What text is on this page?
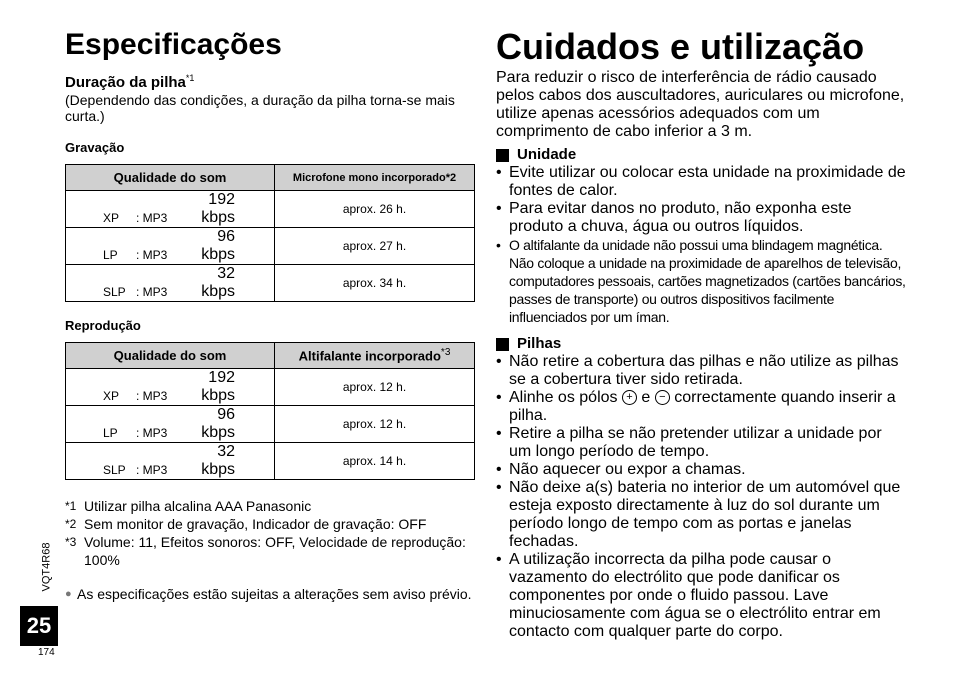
Especificações
Duração da pilha$^{*1}$
(Dependendo das condições, a duração da pilha torna-se mais curta.)
Gravação
Qualidade do som	Microfone mono incorporado*2
XP : MP3192 kbps	aprox. 26 h.
LP : MP396 kbps	aprox. 27 h.
SLP : MP332 kbps	aprox. 34 h.
Reprodução
Qualidade do som	Altifalante incorporado$^{*3}$
XP : MP3192 kbps	aprox. 12 h.
LP : MP396 kbps	aprox. 12 h.
SLP : MP332 kbps	aprox. 14 h.
*1 Utilizar pilha alcalina AAA Panasonic
*2 Sem monitor de gravação, Indicador de gravação: OFF
*3 Volume: 11, Efeitos sonoros: OFF, Velocidade de reprodução: 100%
● As especificações estão sujeitas a alterações sem aviso prévio.
Cuidados e utilização
Para reduzir o risco de interferência de rádio causado pelos cabos dos auscultadores, auriculares ou microfone, utilize apenas acessórios adequados com um comprimento de cabo inferior a 3 m.
Unidade
• Evite utilizar ou colocar esta unidade na proximidade de fontes de calor.
• Para evitar danos no produto, não exponha este produto a chuva, água ou outros líquidos.
• O altifalante da unidade não possui uma blindagem magnética. Não coloque a unidade na proximidade de aparelhos de televisão, computadores pessoais, cartões magnetizados (cartões bancários, passes de transporte) ou outros dispositivos facilmente influenciados por um íman.
Pilhas
• Não retire a cobertura das pilhas e não utilize as pilhas se a cobertura tiver sido retirada.
• Alinhe os pólos + e − correctamente quando inserir a pilha.
• Retire a pilha se não pretender utilizar a unidade por um longo período de tempo.
• Não aquecer ou expor a chamas.
• Não deixe a(s) bateria no interior de um automóvel que esteja exposto directamente à luz do sol durante um período longo de tempo com as portas e janelas fechadas.
• A utilização incorrecta da pilha pode causar o vazamento do electrólito que pode danificar os componentes por onde o fluido passou. Lave minuciosamente com água se o electrólito entrar em contacto com qualquer parte do corpo.
VQT4R68
25
174
